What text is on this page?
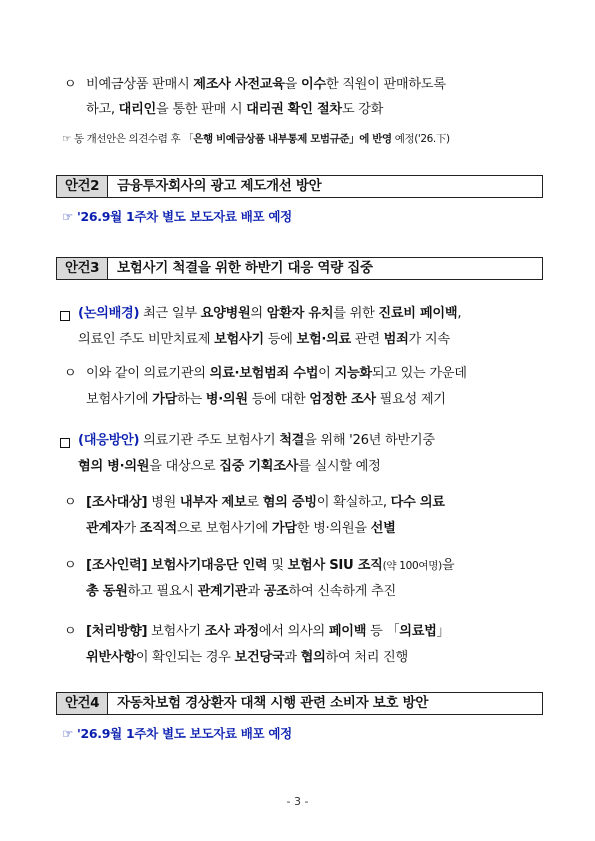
ㅇ 비예금상품 판매시 제조사 사전교육을 이수한 직원이 판매하도록
하고, 대리인을 통한 판매 시 대리권 확인 절차도 강화
☞ 동 개선안은 의견수렴 후 「은행 비예금상품 내부통제 모범규준」에 반영 예정('26.下)
안건2	금융투자회사의 광고 제도개선 방안
☞ '26.9월 1주차 별도 보도자료 배포 예정
안건3	보험사기 척결을 위한 하반기 대응 역량 집중
(논의배경) 최근 일부 요양병원의 암환자 유치를 위한 진료비 페이백,
의료인 주도 비만치료제 보험사기 등에 보험·의료 관련 범죄가 지속
ㅇ 이와 같이 의료기관의 의료·보험범죄 수법이 지능화되고 있는 가운데
보험사기에 가담하는 병·의원 등에 대한 엄정한 조사 필요성 제기
(대응방안) 의료기관 주도 보험사기 척결을 위해 '26년 하반기중
혐의 병·의원을 대상으로 집중 기획조사를 실시할 예정
ㅇ [조사대상] 병원 내부자 제보로 혐의 증빙이 확실하고, 다수 의료
관계자가 조직적으로 보험사기에 가담한 병·의원을 선별
ㅇ [조사인력] 보험사기대응단 인력 및 보험사 SIU 조직(약 100여명)을
총 동원하고 필요시 관계기관과 공조하여 신속하게 추진
ㅇ [처리방향] 보험사기 조사 과정에서 의사의 페이백 등 「의료법」
위반사항이 확인되는 경우 보건당국과 협의하여 처리 진행
안건4	자동차보험 경상환자 대책 시행 관련 소비자 보호 방안
☞ '26.9월 1주차 별도 보도자료 배포 예정
- 3 -
